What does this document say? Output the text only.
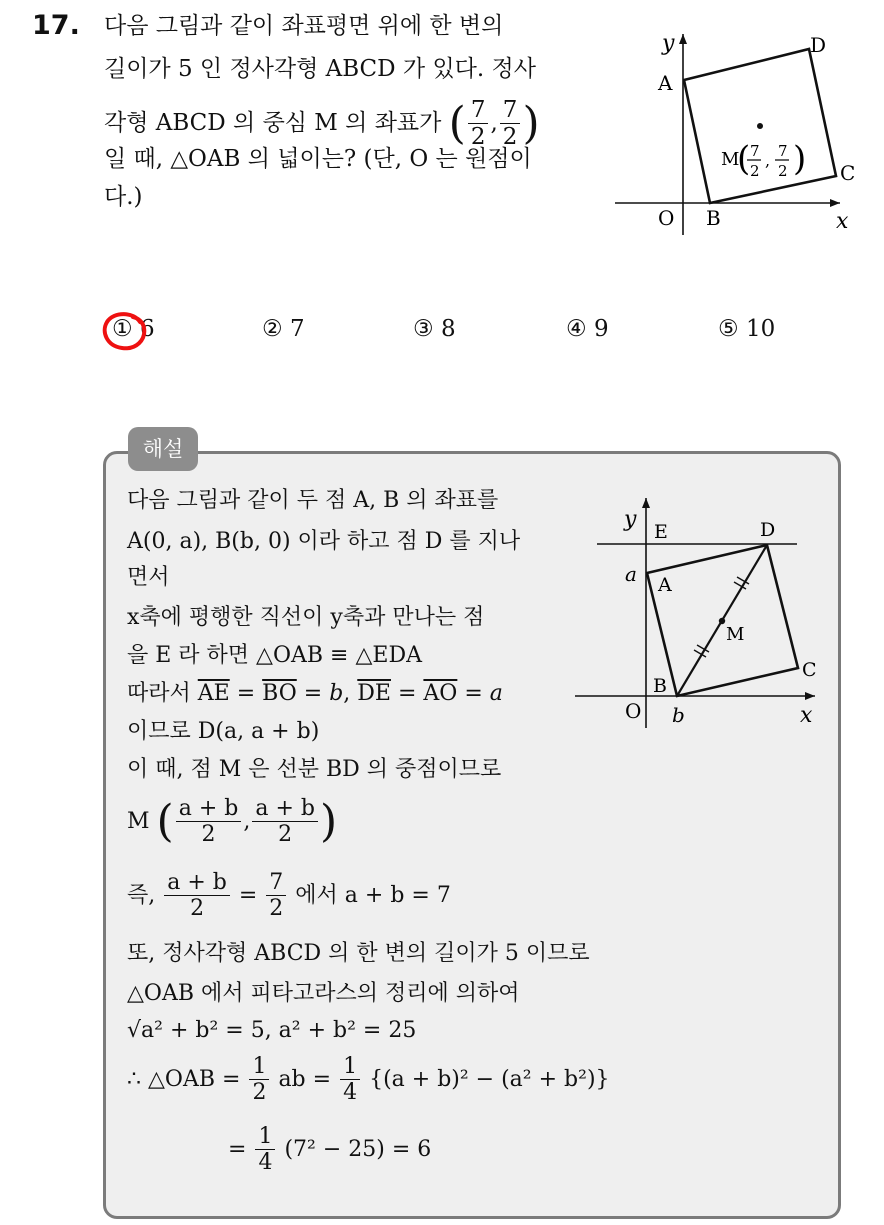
17. 다음 그림과 같이 좌표평면 위에 한 변의
길이가 5 인 정사각형 ABCD 가 있다. 정사
각형 ABCD 의 중심 M 의 좌표가 ( $\frac{7}{2}$ , $\frac{7}{2}$ )
일 때, △OAB 의 넓이는? (단, O 는 원점이
다.)
y
x
O
A
B
C
D
M
( 7
2
, 7
2 )
① 6	② 7	③ 8	④ 9	⑤ 10
해설
다음 그림과 같이 두 점 A, B 의 좌표를
A(0, a), B(b, 0) 이라 하고 점 D 를 지나
면서
x축에 평행한 직선이 y축과 만나는 점
을 E 라 하면 △OAB ≡ △EDA
따라서 $\overline{AE} = \overline{BO} = b$, $\overline{DE} = \overline{AO} = a$
이므로 D(a, a + b)
이 때, 점 M 은 선분 BD 의 중점이므로
M ( $\frac{a + b}{2}$ , $\frac{a + b}{2}$ )
즉, $\frac{a + b}{2} = \frac{7}{2}$ 에서 a + b = 7
또, 정사각형 ABCD 의 한 변의 길이가 5 이므로
△OAB 에서 피타고라스의 정리에 의하여
√a² + b² = 5, a² + b² = 25
∴ △OAB = $\frac{1}{2}$ ab = $\frac{1}{4} \{(a + b)^2 - (a^2 + b^2)\}$
= $\frac{1}{4} (7^2 - 25) = 6$
y
x
O
E	D
a A
M
B
b
C
